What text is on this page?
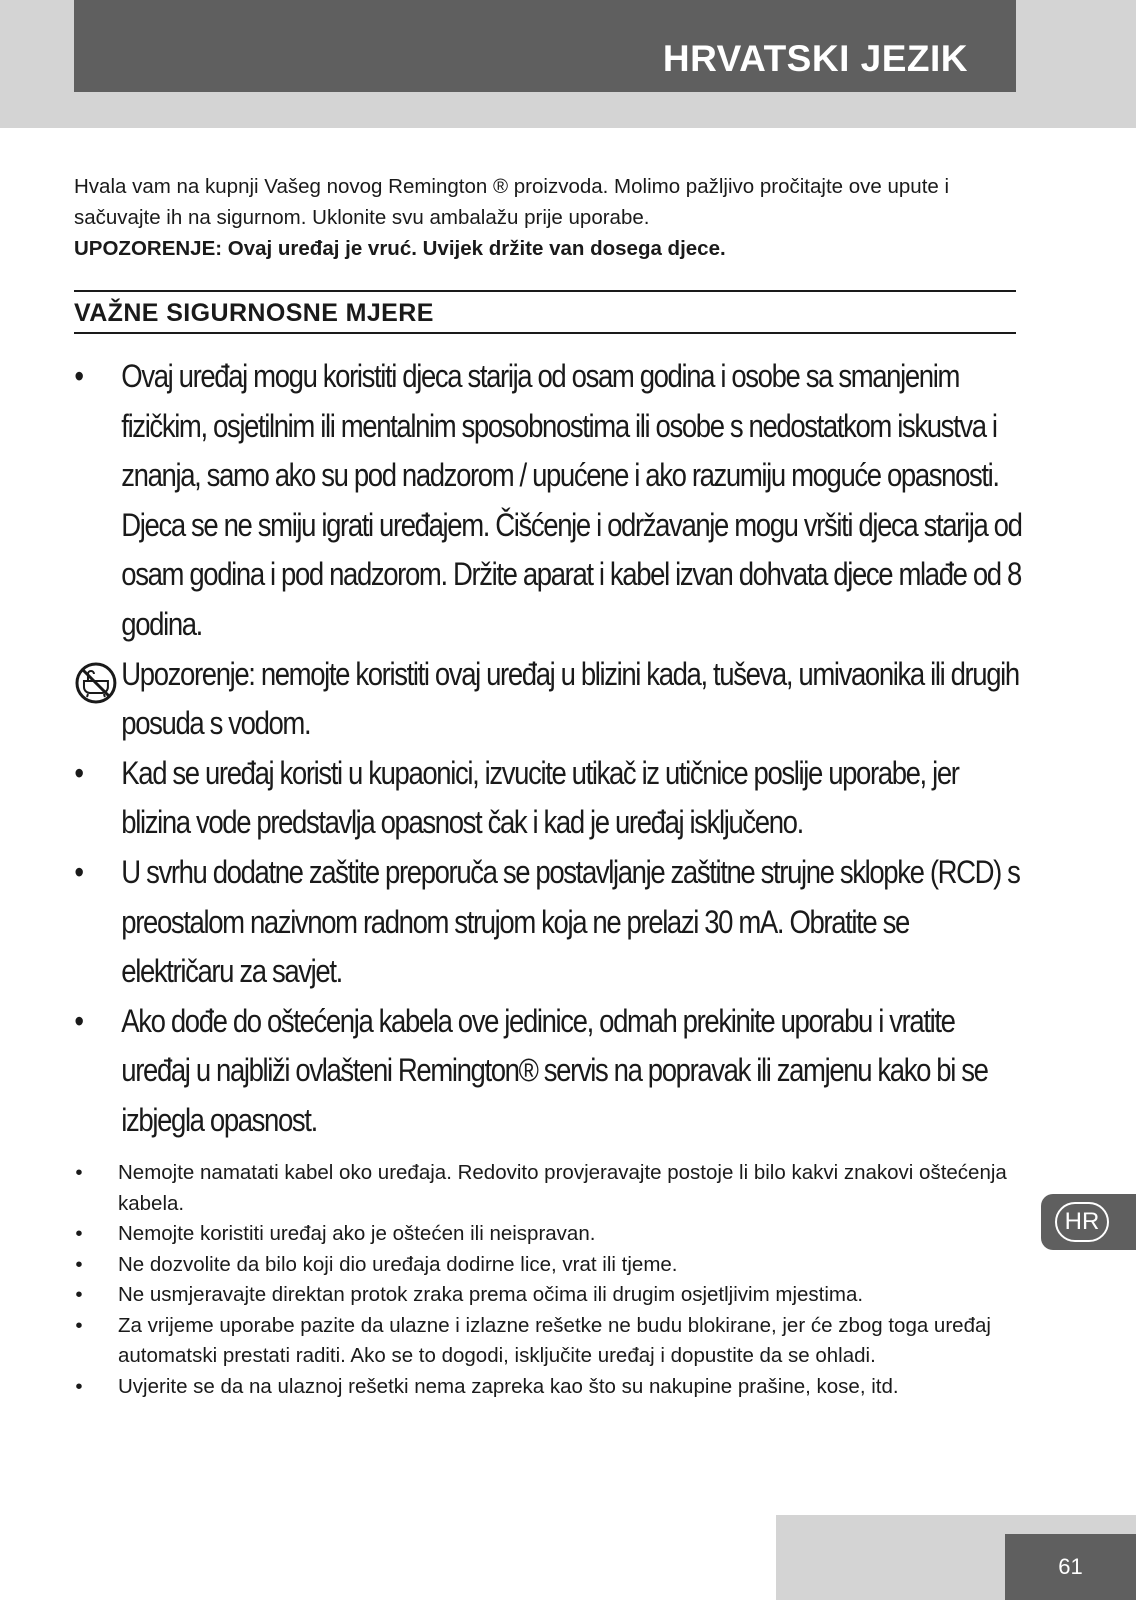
HRVATSKI JEZIK

Hvala vam na kupnji Vašeg novog Remington ® proizvoda. Molimo pažljivo pročitajte ove upute i sačuvajte ih na sigurnom. Uklonite svu ambalažu prije uporabe.

UPOZORENJE: Ovaj uređaj je vruć. Uvijek držite van dosega djece.

VAŽNE SIGURNOSNE MJERE
• Ovaj uređaj mogu koristiti djeca starija od osam godina i osobe sa smanjenim fizičkim, osjetilnim ili mentalnim sposobnostima ili osobe s nedostatkom iskustva i znanja, samo ako su pod nadzorom / upućene i ako razumiju moguće opasnosti. Djeca se ne smiju igrati uređajem. Čišćenje i održavanje mogu vršiti djeca starija od osam godina i pod nadzorom. Držite aparat i kabel izvan dohvata djece mlađe od 8 godina.
Upozorenje: nemojte koristiti ovaj uređaj u blizini kada, tuševa, umivaonika ili drugih posuda s vodom.
• Kad se uređaj koristi u kupaonici, izvucite utikač iz utičnice poslije uporabe, jer blizina vode predstavlja opasnost čak i kad je uređaj isključeno.
• U svrhu dodatne zaštite preporuča se postavljanje zaštitne strujne sklopke (RCD) s preostalom nazivnom radnom strujom koja ne prelazi 30 mA. Obratite se električaru za savjet.
• Ako dođe do oštećenja kabela ove jedinice, odmah prekinite uporabu i vratite uređaj u najbliži ovlašteni Remington® servis na popravak ili zamjenu kako bi se izbjegla opasnost.
• Nemojte namatati kabel oko uređaja. Redovito provjeravajte postoje li bilo kakvi znakovi oštećenja kabela.
• Nemojte koristiti uređaj ako je oštećen ili neispravan.
• Ne dozvolite da bilo koji dio uređaja dodirne lice, vrat ili tjeme.
• Ne usmjeravajte direktan protok zraka prema očima ili drugim osjetljivim mjestima.
• Za vrijeme uporabe pazite da ulazne i izlazne rešetke ne budu blokirane, jer će zbog toga uređaj automatski prestati raditi. Ako se to dogodi, isključite uređaj i dopustite da se ohladi.
• Uvjerite se da na ulaznoj rešetki nema zapreka kao što su nakupine prašine, kose, itd.
HR
61
